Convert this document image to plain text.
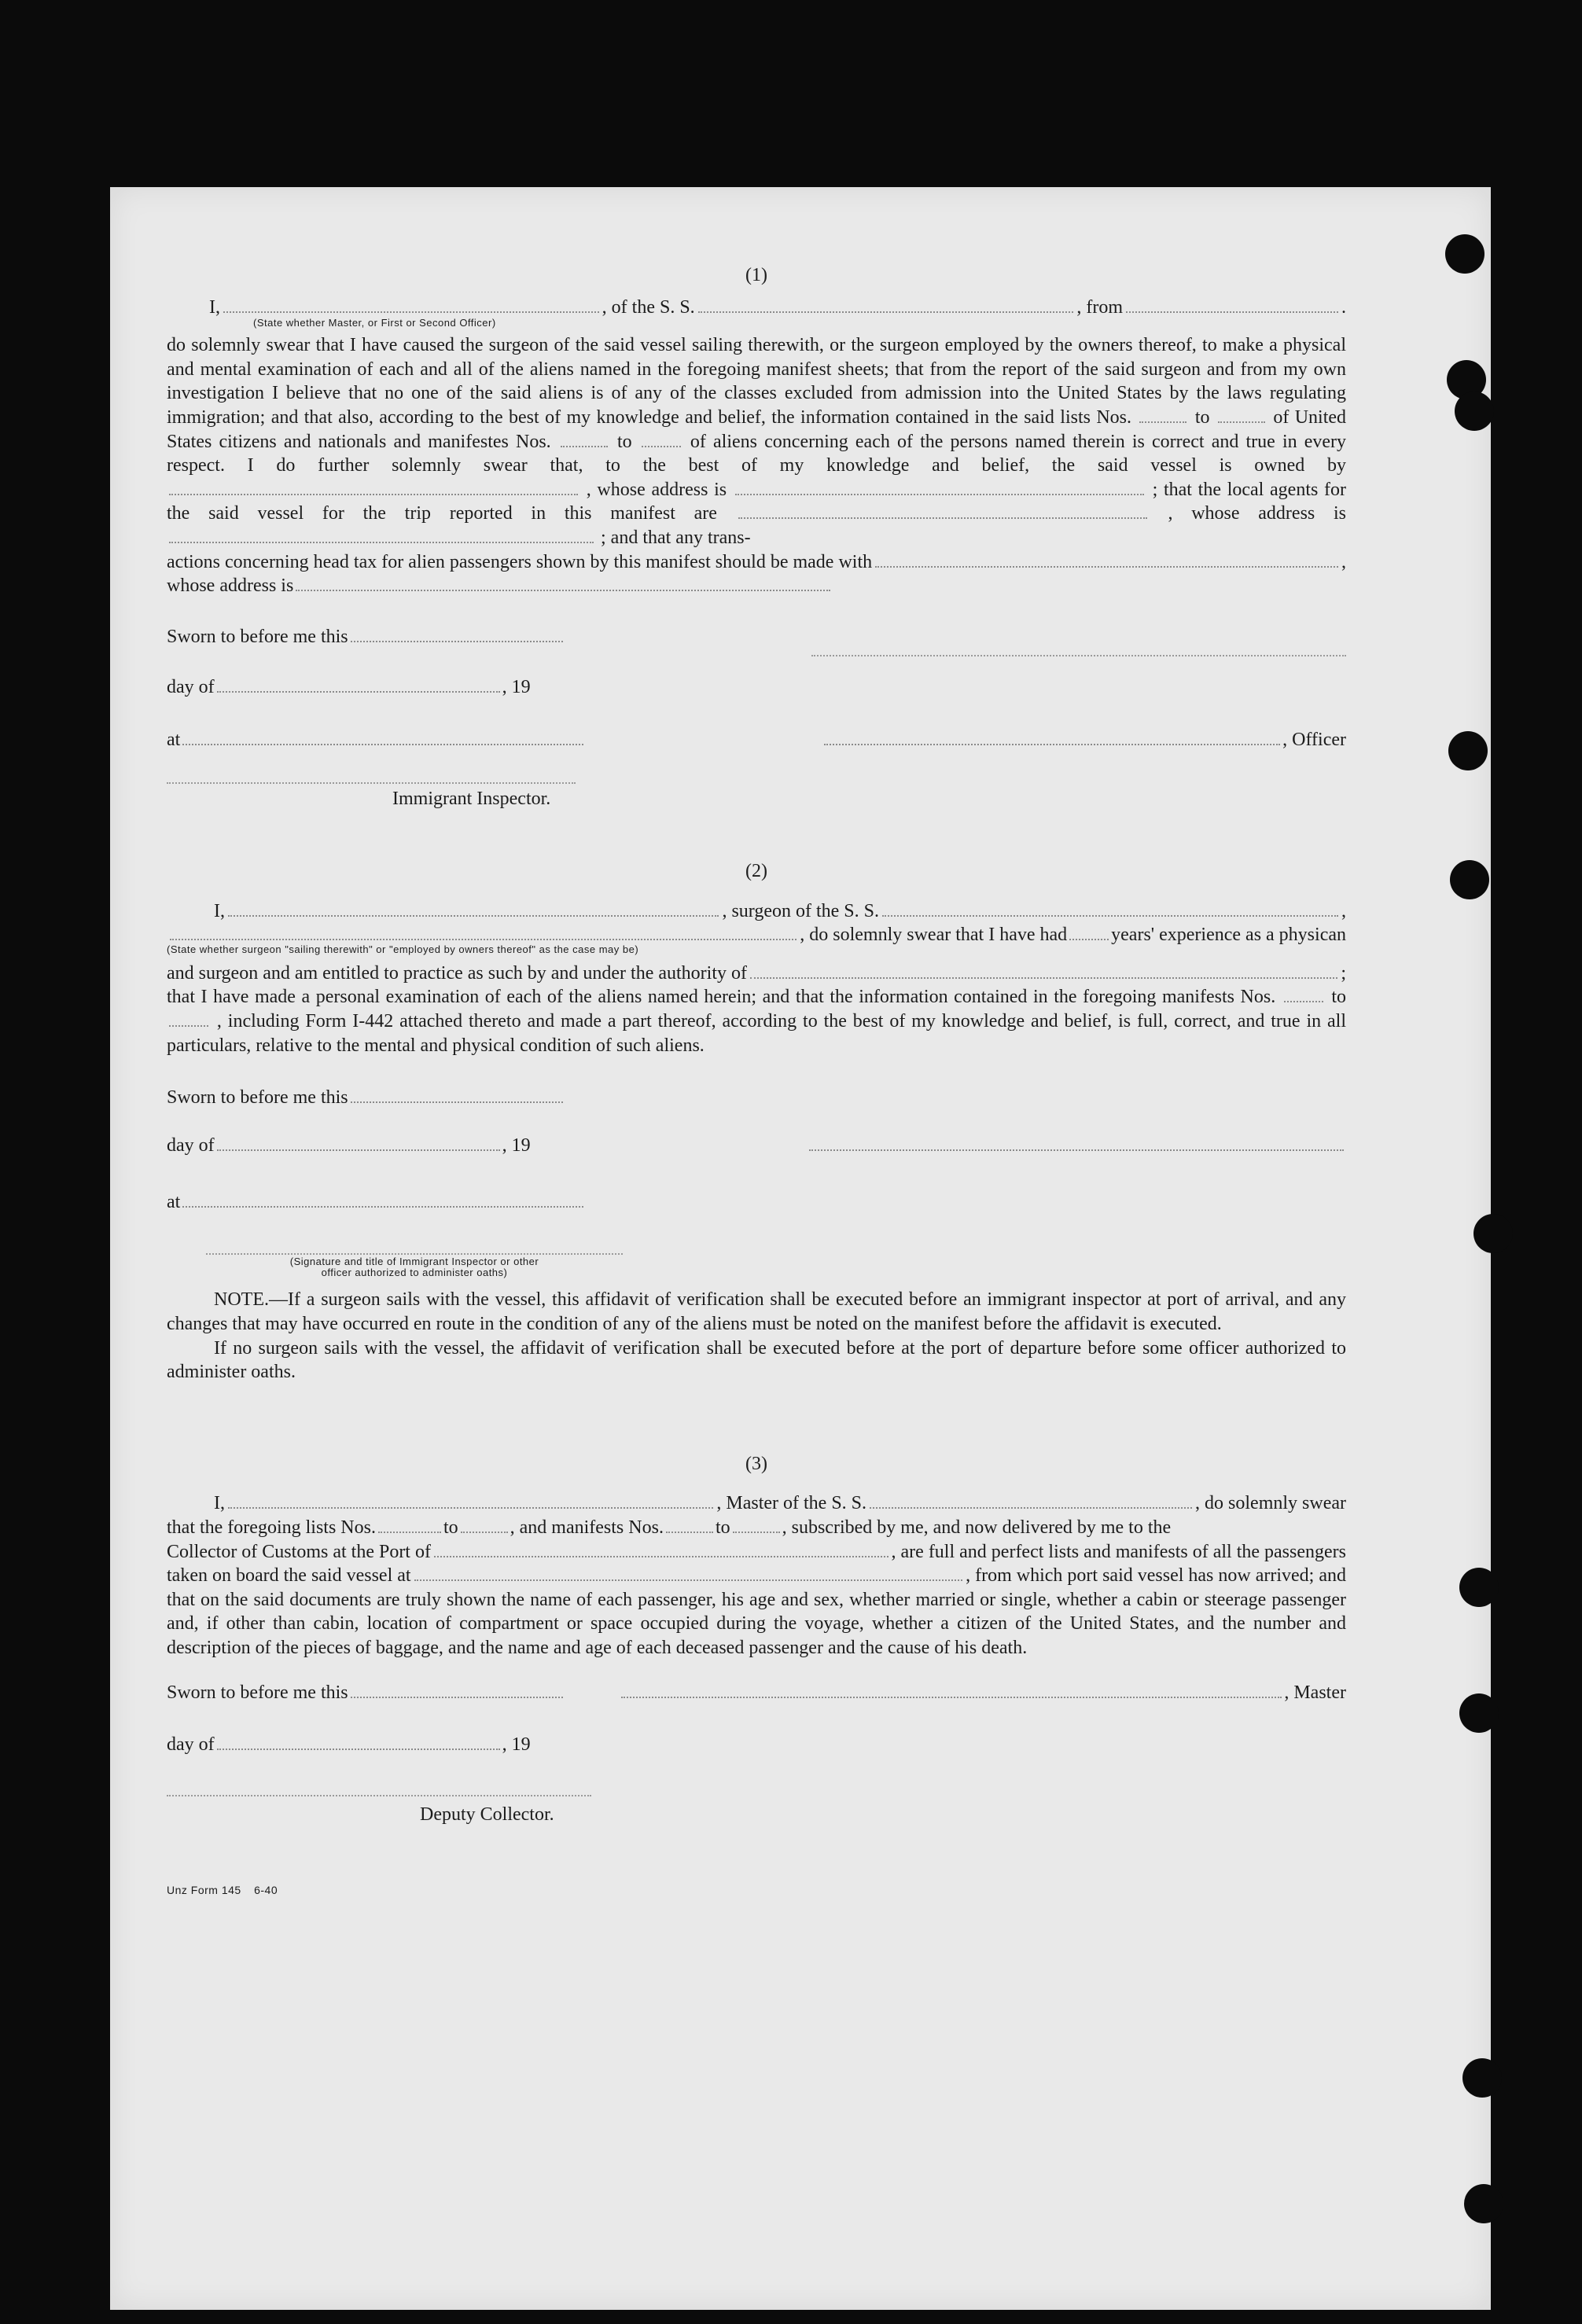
(1)
I,	, of the S. S.	, from	.
(State whether Master, or First or Second Officer)
do solemnly swear that I have caused the surgeon of the said vessel sailing therewith, or the surgeon employed by the owners thereof, to make a physical and mental examination of each and all of the aliens named in the foregoing manifest sheets; that from the report of the said surgeon and from my own investigation I believe that no one of the said aliens is of any of the classes excluded from admission into the United States by the laws regulating immigration; and that also, according to the best of my knowledge and belief, the information contained in the said lists Nos.	to	of United States citizens and nationals and manifestes Nos.	to	of aliens concerning each of the persons named therein is correct and true in every respect. I do further solemnly swear that, to the best of my knowledge and belief, the said vessel is owned by  , whose address is	; that the local agents for the said vessel for the trip reported in this manifest are	, whose address is  ; and that any trans-
actions concerning head tax for alien passengers shown by this manifest should be made with	,
whose address is
Sworn to before me this
day of	, 19
at	, Officer
Immigrant Inspector.
(2)
I,	, surgeon of the S. S.	,
, do solemnly swear that I have had years' experience as a physican
(State whether surgeon "sailing therewith" or "employed by owners thereof" as the case may be)
and surgeon and am entitled to practice as such by and under the authority of	;
that I have made a personal examination of each of the aliens named herein; and that the information contained in the foregoing manifests Nos.	to  , including Form I-442 attached thereto and made a part thereof, according to the best of my knowledge and belief, is full, correct, and true in all particulars, relative to the mental and physical condition of such aliens.
Sworn to before me this
day of	, 19
at
(Signature and title of Immigrant Inspector or other
officer authorized to administer oaths)
NOTE.—If a surgeon sails with the vessel, this affidavit of verification shall be executed before an immigrant inspector at port of arrival, and any changes that may have occurred en route in the condition of any of the aliens must be noted on the manifest before the affidavit is executed.
If no surgeon sails with the vessel, the affidavit of verification shall be executed before at the port of departure before some officer authorized to administer oaths.
(3)
I,	, Master of the S. S.	, do solemnly swear
that the foregoing lists Nos.	to	, and manifests Nos.	to	, subscribed by me, and now delivered by me to the
Collector of Customs at the Port of	, are full and perfect lists and manifests of all the passengers
taken on board the said vessel at	, from which port said vessel has now arrived; and
that on the said documents are truly shown the name of each passenger, his age and sex, whether married or single, whether a cabin or steerage passenger and, if other than cabin, location of compartment or space occupied during the voyage, whether a citizen of the United States, and the number and description of the pieces of baggage, and the name and age of each deceased passenger and the cause of his death.
Sworn to before me this	, Master
day of	, 19
Deputy Collector.
Unz Form 145 6-40
